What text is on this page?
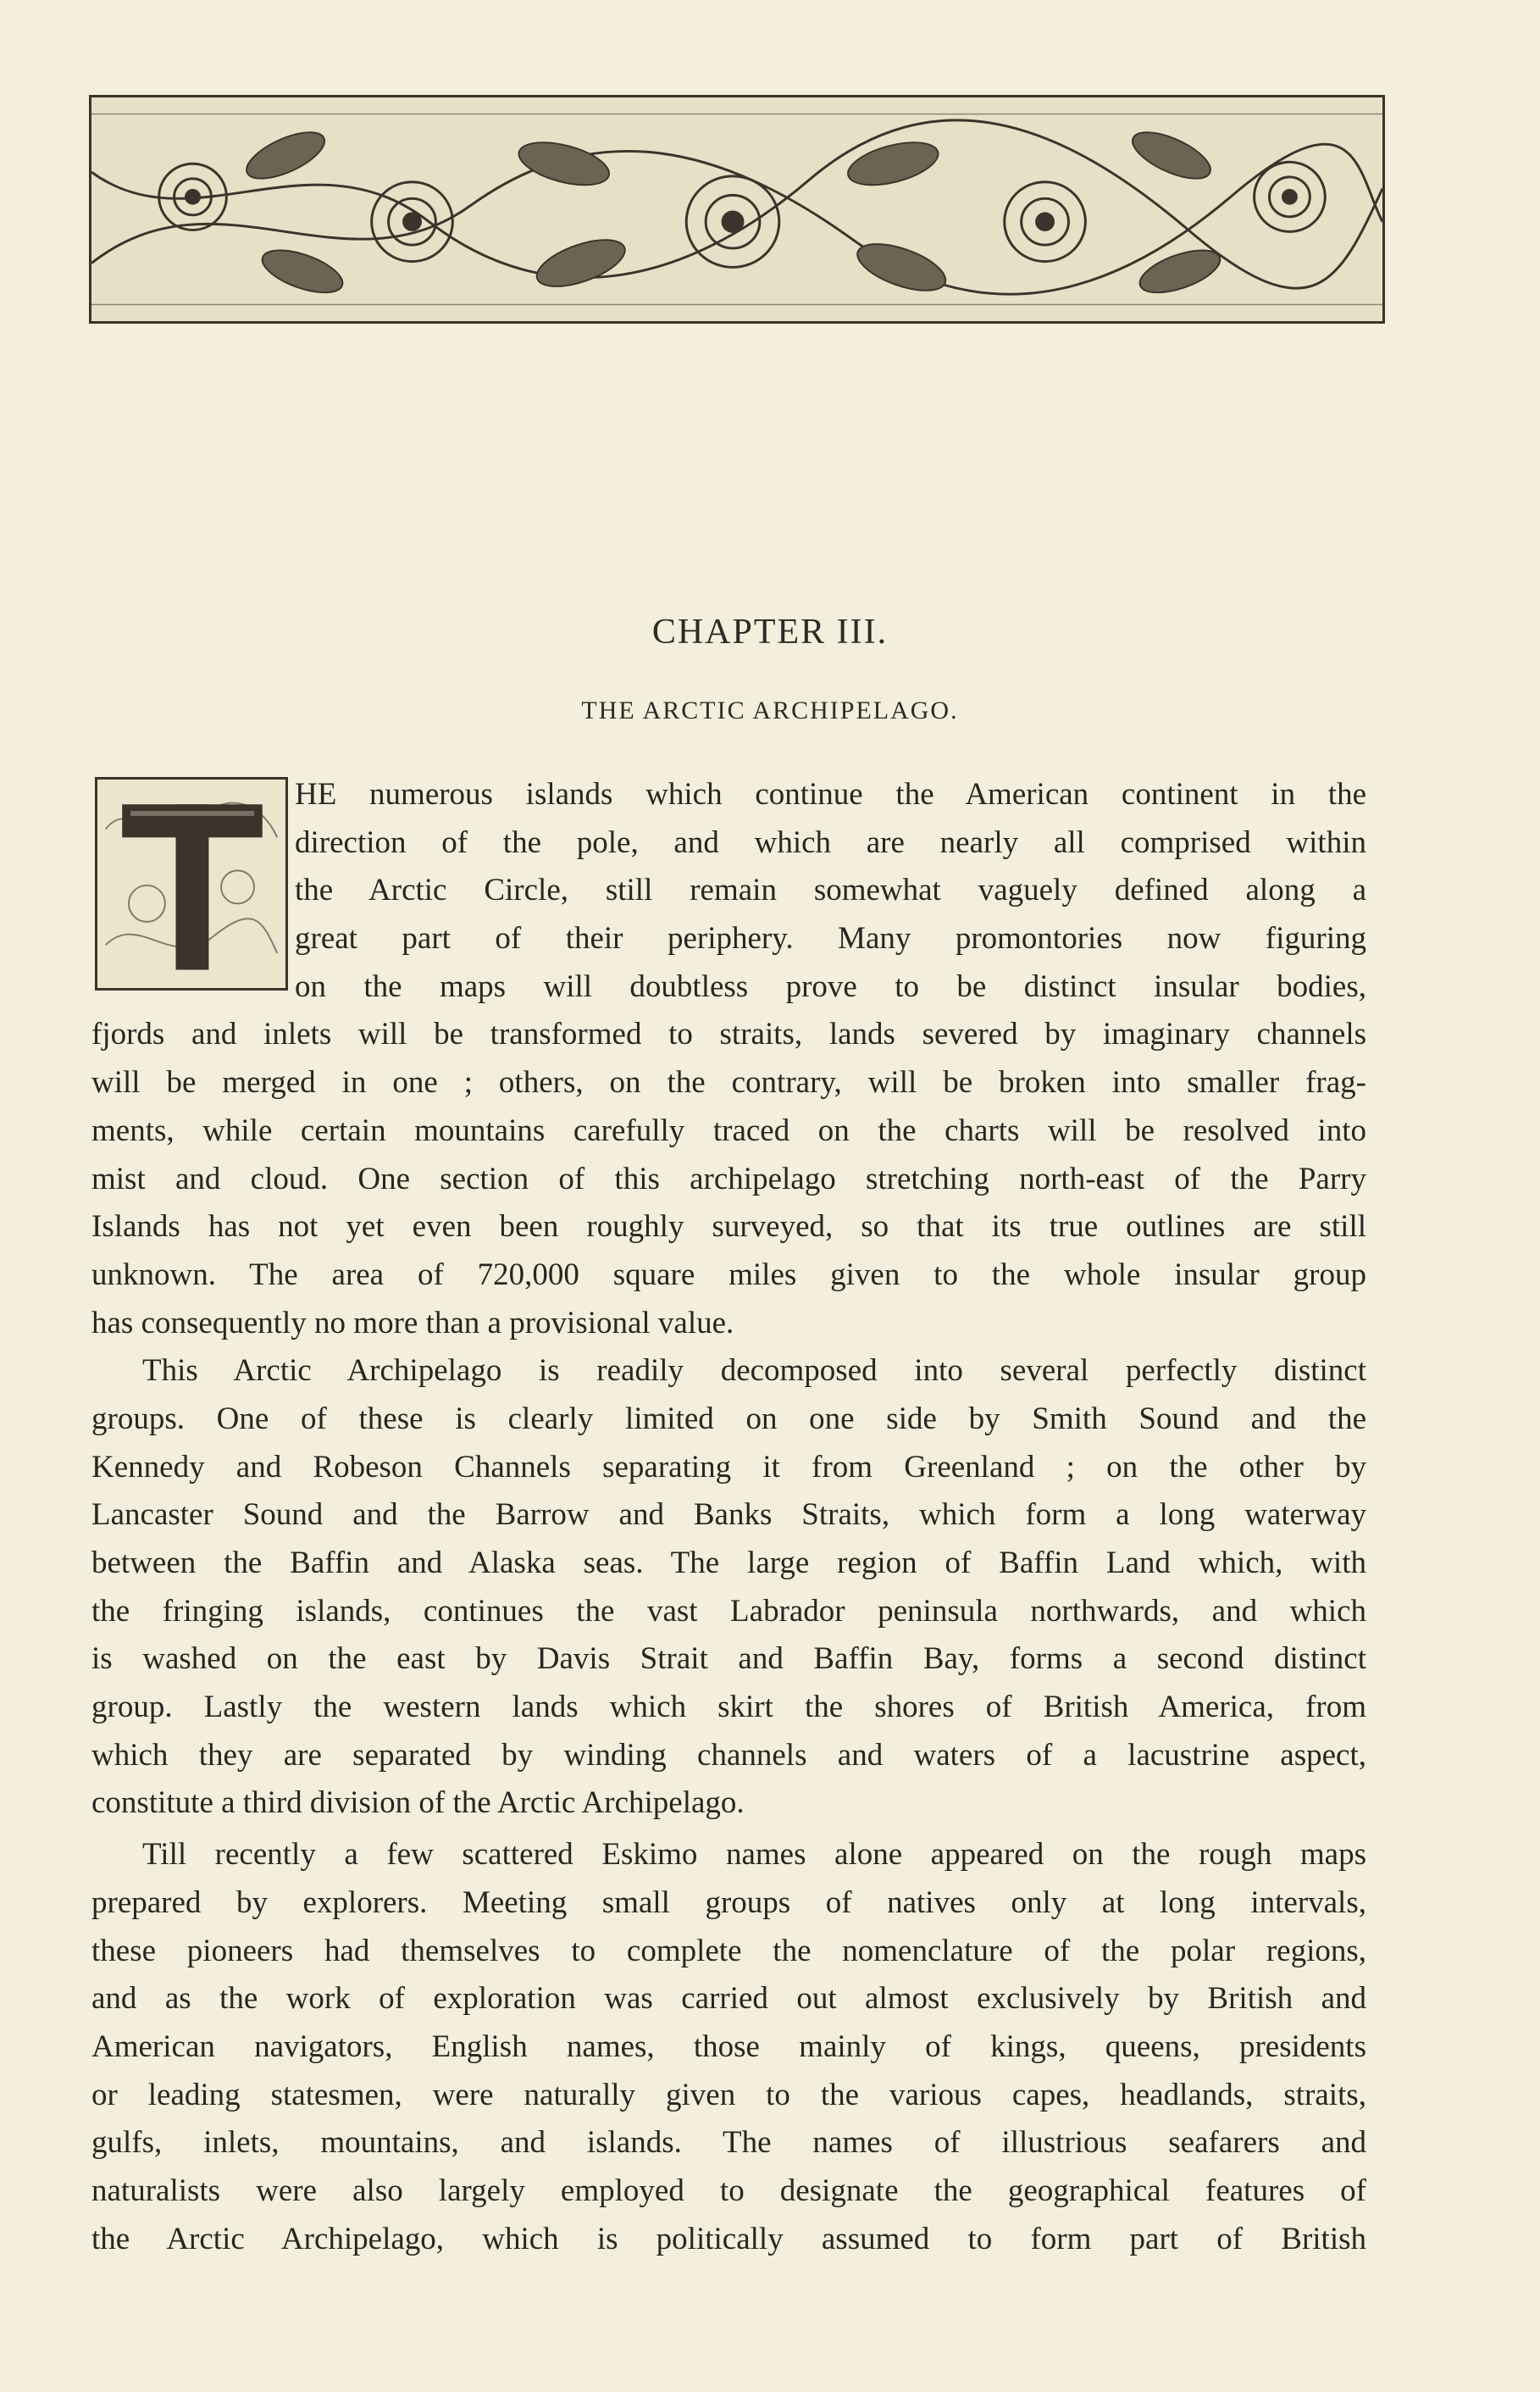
CHAPTER III.
THE ARCTIC ARCHIPELAGO.
HE numerous islands which continue the American continent in the
direction of the pole, and which are nearly all comprised within
the Arctic Circle, still remain somewhat vaguely defined along a
great part of their periphery. Many promontories now figuring
on the maps will doubtless prove to be distinct insular bodies,
fjords and inlets will be transformed to straits, lands severed by imaginary channels
will be merged in one ; others, on the contrary, will be broken into smaller frag-
ments, while certain mountains carefully traced on the charts will be resolved into
mist and cloud. One section of this archipelago stretching north-east of the Parry
Islands has not yet even been roughly surveyed, so that its true outlines are still
unknown. The area of 720,000 square miles given to the whole insular group
has consequently no more than a provisional value.
This Arctic Archipelago is readily decomposed into several perfectly distinct
groups. One of these is clearly limited on one side by Smith Sound and the
Kennedy and Robeson Channels separating it from Greenland ; on the other by
Lancaster Sound and the Barrow and Banks Straits, which form a long waterway
between the Baffin and Alaska seas. The large region of Baffin Land which, with
the fringing islands, continues the vast Labrador peninsula northwards, and which
is washed on the east by Davis Strait and Baffin Bay, forms a second distinct
group. Lastly the western lands which skirt the shores of British America, from
which they are separated by winding channels and waters of a lacustrine aspect,
constitute a third division of the Arctic Archipelago.
Till recently a few scattered Eskimo names alone appeared on the rough maps
prepared by explorers. Meeting small groups of natives only at long intervals,
these pioneers had themselves to complete the nomenclature of the polar regions,
and as the work of exploration was carried out almost exclusively by British and
American navigators, English names, those mainly of kings, queens, presidents
or leading statesmen, were naturally given to the various capes, headlands, straits,
gulfs, inlets, mountains, and islands. The names of illustrious seafarers and
naturalists were also largely employed to designate the geographical features of
the Arctic Archipelago, which is politically assumed to form part of British
